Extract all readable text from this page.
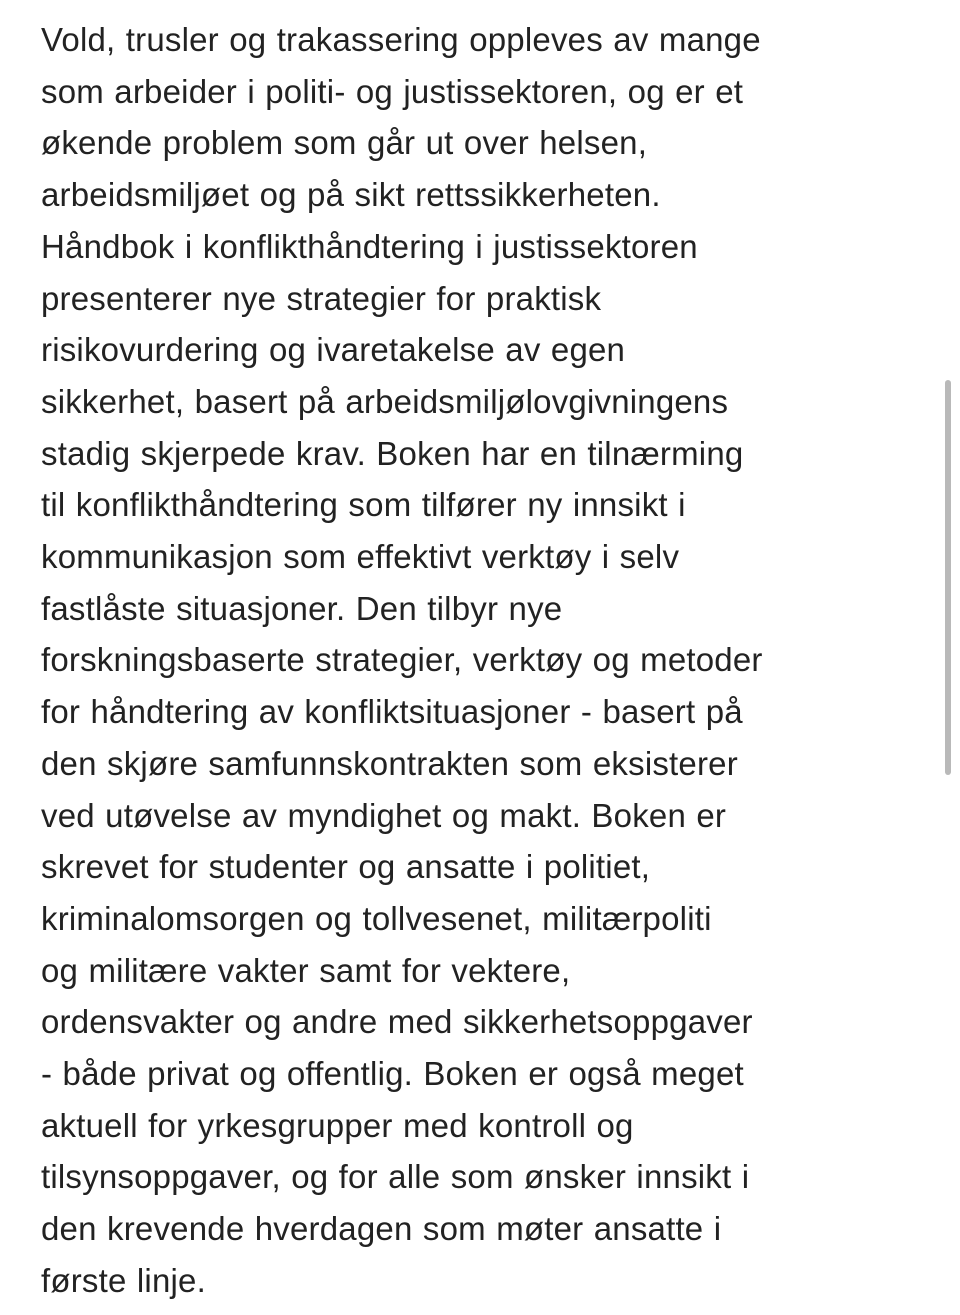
Vold, trusler og trakassering oppleves av mange
som arbeider i politi- og justissektoren, og er et
økende problem som går ut over helsen,
arbeidsmiljøet og på sikt rettssikkerheten.
Håndbok i konflikthåndtering i justissektoren
presenterer nye strategier for praktisk
risikovurdering og ivaretakelse av egen
sikkerhet, basert på arbeidsmiljølovgivningens
stadig skjerpede krav. Boken har en tilnærming
til konflikthåndtering som tilfører ny innsikt i
kommunikasjon som effektivt verktøy i selv
fastlåste situasjoner. Den tilbyr nye
forskningsbaserte strategier, verktøy og metoder
for håndtering av konfliktsituasjoner - basert på
den skjøre samfunnskontrakten som eksisterer
ved utøvelse av myndighet og makt. Boken er
skrevet for studenter og ansatte i politiet,
kriminalomsorgen og tollvesenet, militærpoliti
og militære vakter samt for vektere,
ordensvakter og andre med sikkerhetsoppgaver
- både privat og offentlig. Boken er også meget
aktuell for yrkesgrupper med kontroll og
tilsynsoppgaver, og for alle som ønsker innsikt i
den krevende hverdagen som møter ansatte i
første linje.
